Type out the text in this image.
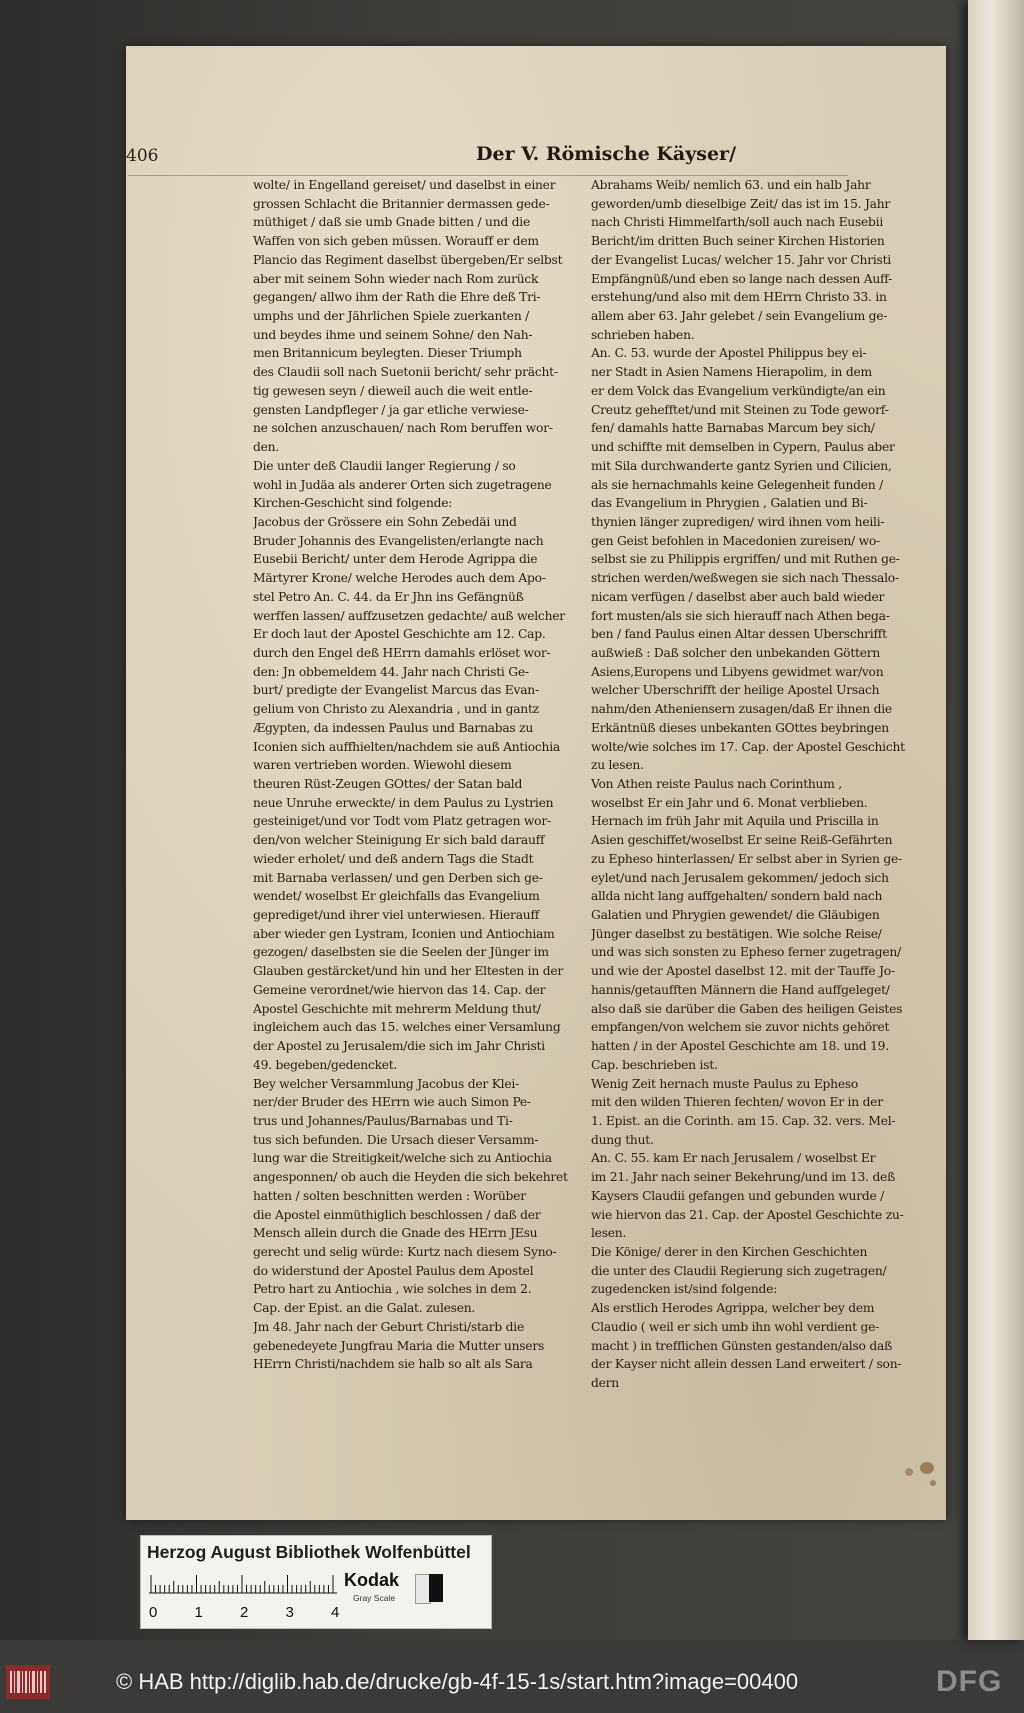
406	Der V. Römische Käyser/
wolte/ in Engelland gereiset/ und daselbst in einer
grossen Schlacht die Britannier dermassen gede-
müthiget / daß sie umb Gnade bitten / und die
Waffen von sich geben müssen. Worauff er dem
Plancio das Regiment daselbst übergeben/Er selbst
aber mit seinem Sohn wieder nach Rom zurück
gegangen/ allwo ihm der Rath die Ehre deß Tri-
umphs und der Jährlichen Spiele zuerkanten /
und beydes ihme und seinem Sohne/ den Nah-
men Britannicum beylegten. Dieser Triumph
des Claudii soll nach Suetonii bericht/ sehr prächt-
tig gewesen seyn / dieweil auch die weit entle-
gensten Landpfleger / ja gar etliche verwiese-
ne solchen anzuschauen/ nach Rom beruffen wor-
den.
Die unter deß Claudii langer Regierung / so
wohl in Judäa als anderer Orten sich zugetragene
Kirchen-Geschicht sind folgende:
Jacobus der Grössere ein Sohn Zebedäi und
Bruder Johannis des Evangelisten/erlangte nach
Eusebii Bericht/ unter dem Herode Agrippa die
Märtyrer Krone/ welche Herodes auch dem Apo-
stel Petro An. C. 44. da Er Jhn ins Gefängnüß
werffen lassen/ auffzusetzen gedachte/ auß welcher
Er doch laut der Apostel Geschichte am 12. Cap.
durch den Engel deß HErrn damahls erlöset wor-
den: Jn obbemeldem 44. Jahr nach Christi Ge-
burt/ predigte der Evangelist Marcus das Evan-
gelium von Christo zu Alexandria , und in gantz
Ægypten, da indessen Paulus und Barnabas zu
Iconien sich auffhielten/nachdem sie auß Antiochia
waren vertrieben worden. Wiewohl diesem
theuren Rüst-Zeugen GOttes/ der Satan bald
neue Unruhe erweckte/ in dem Paulus zu Lystrien
gesteiniget/und vor Todt vom Platz getragen wor-
den/von welcher Steinigung Er sich bald darauff
wieder erholet/ und deß andern Tags die Stadt
mit Barnaba verlassen/ und gen Derben sich ge-
wendet/ woselbst Er gleichfalls das Evangelium
geprediget/und ihrer viel unterwiesen. Hierauff
aber wieder gen Lystram, Iconien und Antiochiam
gezogen/ daselbsten sie die Seelen der Jünger im
Glauben gestärcket/und hin und her Eltesten in der
Gemeine verordnet/wie hiervon das 14. Cap. der
Apostel Geschichte mit mehrerm Meldung thut/
ingleichem auch das 15. welches einer Versamlung
der Apostel zu Jerusalem/die sich im Jahr Christi
49. begeben/gedencket.
Bey welcher Versammlung Jacobus der Klei-
ner/der Bruder des HErrn wie auch Simon Pe-
trus und Johannes/Paulus/Barnabas und Ti-
tus sich befunden. Die Ursach dieser Versamm-
lung war die Streitigkeit/welche sich zu Antiochia
angesponnen/ ob auch die Heyden die sich bekehret
hatten / solten beschnitten werden : Worüber
die Apostel einmüthiglich beschlossen / daß der
Mensch allein durch die Gnade des HErrn JEsu
gerecht und selig würde: Kurtz nach diesem Syno-
do widerstund der Apostel Paulus dem Apostel
Petro hart zu Antiochia , wie solches in dem 2.
Cap. der Epist. an die Galat. zulesen.
Jm 48. Jahr nach der Geburt Christi/starb die
gebenedeyete Jungfrau Maria die Mutter unsers
HErrn Christi/nachdem sie halb so alt als Sara
Abrahams Weib/ nemlich 63. und ein halb Jahr
geworden/umb dieselbige Zeit/ das ist im 15. Jahr
nach Christi Himmelfarth/soll auch nach Eusebii
Bericht/im dritten Buch seiner Kirchen Historien
der Evangelist Lucas/ welcher 15. Jahr vor Christi
Empfängnüß/und eben so lange nach dessen Auff-
erstehung/und also mit dem HErrn Christo 33. in
allem aber 63. Jahr gelebet / sein Evangelium ge-
schrieben haben.
An. C. 53. wurde der Apostel Philippus bey ei-
ner Stadt in Asien Namens Hierapolim, in dem
er dem Volck das Evangelium verkündigte/an ein
Creutz gehefftet/und mit Steinen zu Tode geworf-
fen/ damahls hatte Barnabas Marcum bey sich/
und schiffte mit demselben in Cypern, Paulus aber
mit Sila durchwanderte gantz Syrien und Cilicien,
als sie hernachmahls keine Gelegenheit funden /
das Evangelium in Phrygien , Galatien und Bi-
thynien länger zupredigen/ wird ihnen vom heili-
gen Geist befohlen in Macedonien zureisen/ wo-
selbst sie zu Philippis ergriffen/ und mit Ruthen ge-
strichen werden/weßwegen sie sich nach Thessalo-
nicam verfügen / daselbst aber auch bald wieder
fort musten/als sie sich hierauff nach Athen bega-
ben / fand Paulus einen Altar dessen Uberschrifft
außwieß : Daß solcher den unbekanden Göttern
Asiens,Europens und Libyens gewidmet war/von
welcher Uberschrifft der heilige Apostel Ursach
nahm/den Atheniensern zusagen/daß Er ihnen die
Erkäntnüß dieses unbekanten GOttes beybringen
wolte/wie solches im 17. Cap. der Apostel Geschicht
zu lesen.
Von Athen reiste Paulus nach Corinthum ,
woselbst Er ein Jahr und 6. Monat verblieben.
Hernach im früh Jahr mit Aquila und Priscilla in
Asien geschiffet/woselbst Er seine Reiß-Gefährten
zu Epheso hinterlassen/ Er selbst aber in Syrien ge-
eylet/und nach Jerusalem gekommen/ jedoch sich
allda nicht lang auffgehalten/ sondern bald nach
Galatien und Phrygien gewendet/ die Gläubigen
Jünger daselbst zu bestätigen. Wie solche Reise/
und was sich sonsten zu Epheso ferner zugetragen/
und wie der Apostel daselbst 12. mit der Tauffe Jo-
hannis/getaufften Männern die Hand auffgeleget/
also daß sie darüber die Gaben des heiligen Geistes
empfangen/von welchem sie zuvor nichts gehöret
hatten / in der Apostel Geschichte am 18. und 19.
Cap. beschrieben ist.
Wenig Zeit hernach muste Paulus zu Epheso
mit den wilden Thieren fechten/ wovon Er in der
1. Epist. an die Corinth. am 15. Cap. 32. vers. Mel-
dung thut.
An. C. 55. kam Er nach Jerusalem / woselbst Er
im 21. Jahr nach seiner Bekehrung/und im 13. deß
Kaysers Claudii gefangen und gebunden wurde /
wie hiervon das 21. Cap. der Apostel Geschichte zu-
lesen.
Die Könige/ derer in den Kirchen Geschichten
die unter des Claudii Regierung sich zugetragen/
zugedencken ist/sind folgende:
Als erstlich Herodes Agrippa, welcher bey dem
Claudio ( weil er sich umb ihn wohl verdient ge-
macht ) in trefflichen Günsten gestanden/also daß
der Kayser nicht allein dessen Land erweitert / son-
dern
Herzog August Bibliothek Wolfenbüttel
0 1 2 3 4
Kodak
Gray Scale
© HAB http://diglib.hab.de/drucke/gb-4f-15-1s/start.htm?image=00400	DFG
